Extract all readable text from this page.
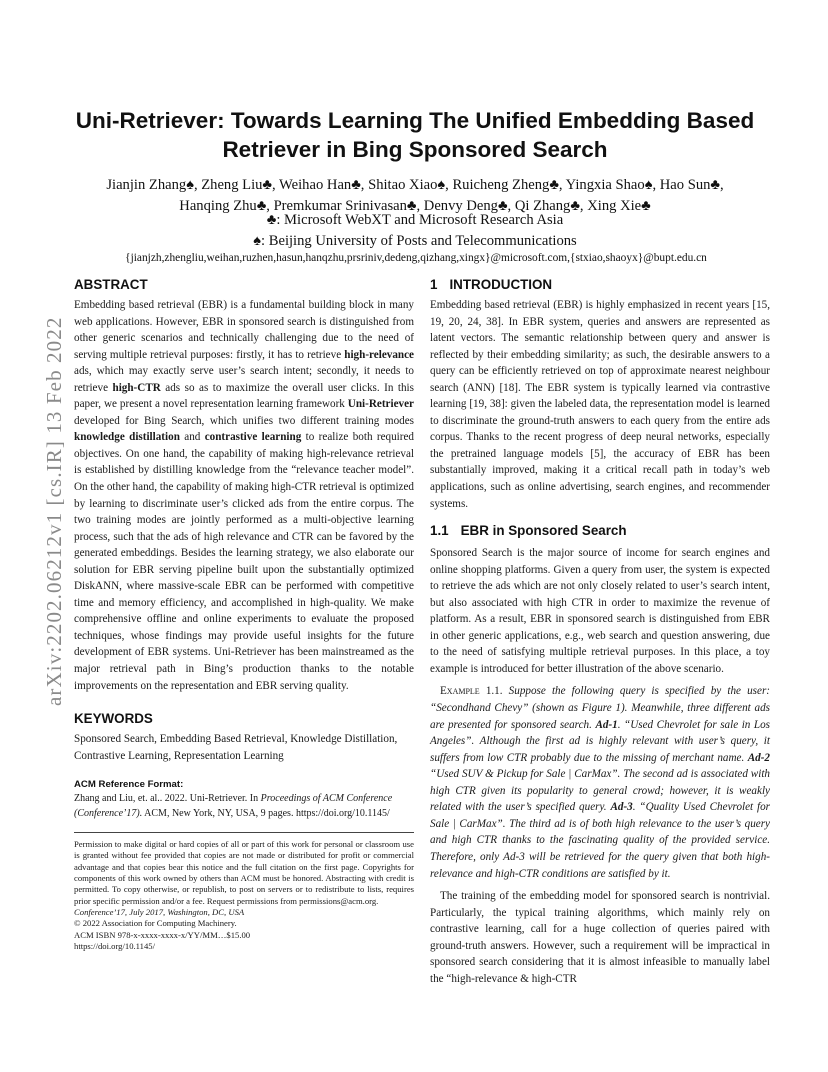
arXiv:2202.06212v1 [cs.IR] 13 Feb 2022
Uni-Retriever: Towards Learning The Unified Embedding Based Retriever in Bing Sponsored Search
Jianjin Zhang♠, Zheng Liu♣, Weihao Han♣, Shitao Xiao♠, Ruicheng Zheng♣, Yingxia Shao♠, Hao Sun♣, Hanqing Zhu♣, Premkumar Srinivasan♣, Denvy Deng♣, Qi Zhang♣, Xing Xie♣
♣: Microsoft WebXT and Microsoft Research Asia
♠: Beijing University of Posts and Telecommunications
{jianjzh,zhengliu,weihan,ruzhen,hasun,hanqzhu,prsriniv,dedeng,qizhang,xingx}@microsoft.com,{stxiao,shaoyx}@bupt.edu.cn
ABSTRACT

Embedding based retrieval (EBR) is a fundamental building block in many web applications. However, EBR in sponsored search is distinguished from other generic scenarios and technically challenging due to the need of serving multiple retrieval purposes: firstly, it has to retrieve high-relevance ads, which may exactly serve user’s search intent; secondly, it needs to retrieve high-CTR ads so as to maximize the overall user clicks. In this paper, we present a novel representation learning framework Uni-Retriever developed for Bing Search, which unifies two different training modes knowledge distillation and contrastive learning to realize both required objectives. On one hand, the capability of making high-relevance retrieval is established by distilling knowledge from the “relevance teacher model”. On the other hand, the capability of making high-CTR retrieval is optimized by learning to discriminate user’s clicked ads from the entire corpus. The two training modes are jointly performed as a multi-objective learning process, such that the ads of high relevance and CTR can be favored by the generated embeddings. Besides the learning strategy, we also elaborate our solution for EBR serving pipeline built upon the substantially optimized DiskANN, where massive-scale EBR can be performed with competitive time and memory efficiency, and accomplished in high-quality. We make comprehensive offline and online experiments to evaluate the proposed techniques, whose findings may provide useful insights for the future development of EBR systems. Uni-Retriever has been mainstreamed as the major retrieval path in Bing’s production thanks to the notable improvements on the representation and EBR serving quality.

KEYWORDS

Sponsored Search, Embedding Based Retrieval, Knowledge Distillation, Contrastive Learning, Representation Learning

ACM Reference Format:

Zhang and Liu, et. al.. 2022. Uni-Retriever. In Proceedings of ACM Conference (Conference’17). ACM, New York, NY, USA, 9 pages. https://doi.org/10.1145/

Permission to make digital or hard copies of all or part of this work for personal or classroom use is granted without fee provided that copies are not made or distributed for profit or commercial advantage and that copies bear this notice and the full citation on the first page. Copyrights for components of this work owned by others than ACM must be honored. Abstracting with credit is permitted. To copy otherwise, or republish, to post on servers or to redistribute to lists, requires prior specific permission and/or a fee. Request permissions from permissions@acm.org.

Conference’17, July 2017, Washington, DC, USA

© 2022 Association for Computing Machinery.

ACM ISBN 978-x-xxxx-xxxx-x/YY/MM…$15.00

https://doi.org/10.1145/

1 INTRODUCTION

Embedding based retrieval (EBR) is highly emphasized in recent years [15, 19, 20, 24, 38]. In EBR system, queries and answers are represented as latent vectors. The semantic relationship between query and answer is reflected by their embedding similarity; as such, the desirable answers to a query can be efficiently retrieved on top of approximate nearest neighbour search (ANN) [18]. The EBR system is typically learned via contrastive learning [19, 38]: given the labeled data, the representation model is learned to discriminate the ground-truth answers to each query from the entire ads corpus. Thanks to the recent progress of deep neural networks, especially the pretrained language models [5], the accuracy of EBR has been substantially improved, making it a critical recall path in today’s web applications, such as online advertising, search engines, and recommender systems.

1.1 EBR in Sponsored Search

Sponsored Search is the major source of income for search engines and online shopping platforms. Given a query from user, the system is expected to retrieve the ads which are not only closely related to user’s search intent, but also associated with high CTR in order to maximize the revenue of platform. As a result, EBR in sponsored search is distinguished from EBR in other generic applications, e.g., web search and question answering, due to the need of satisfying multiple retrieval purposes. In this place, a toy example is introduced for better illustration of the above scenario.

Example 1.1. Suppose the following query is specified by the user: “Secondhand Chevy” (shown as Figure 1). Meanwhile, three different ads are presented for sponsored search. Ad-1. “Used Chevrolet for sale in Los Angeles”. Although the first ad is highly relevant with user’s query, it suffers from low CTR probably due to the missing of merchant name. Ad-2 “Used SUV & Pickup for Sale | CarMax”. The second ad is associated with high CTR given its popularity to general crowd; however, it is weakly related with the user’s specified query. Ad-3. “Quality Used Chevrolet for Sale | CarMax”. The third ad is of both high relevance to the user’s query and high CTR thanks to the fascinating quality of the provided service. Therefore, only Ad-3 will be retrieved for the query given that both high-relevance and high-CTR conditions are satisfied by it.

The training of the embedding model for sponsored search is nontrivial. Particularly, the typical training algorithms, which mainly rely on contrastive learning, call for a huge collection of queries paired with ground-truth answers. However, such a requirement will be impractical in sponsored search considering that it is almost infeasible to manually label the “high-relevance & high-CTR
